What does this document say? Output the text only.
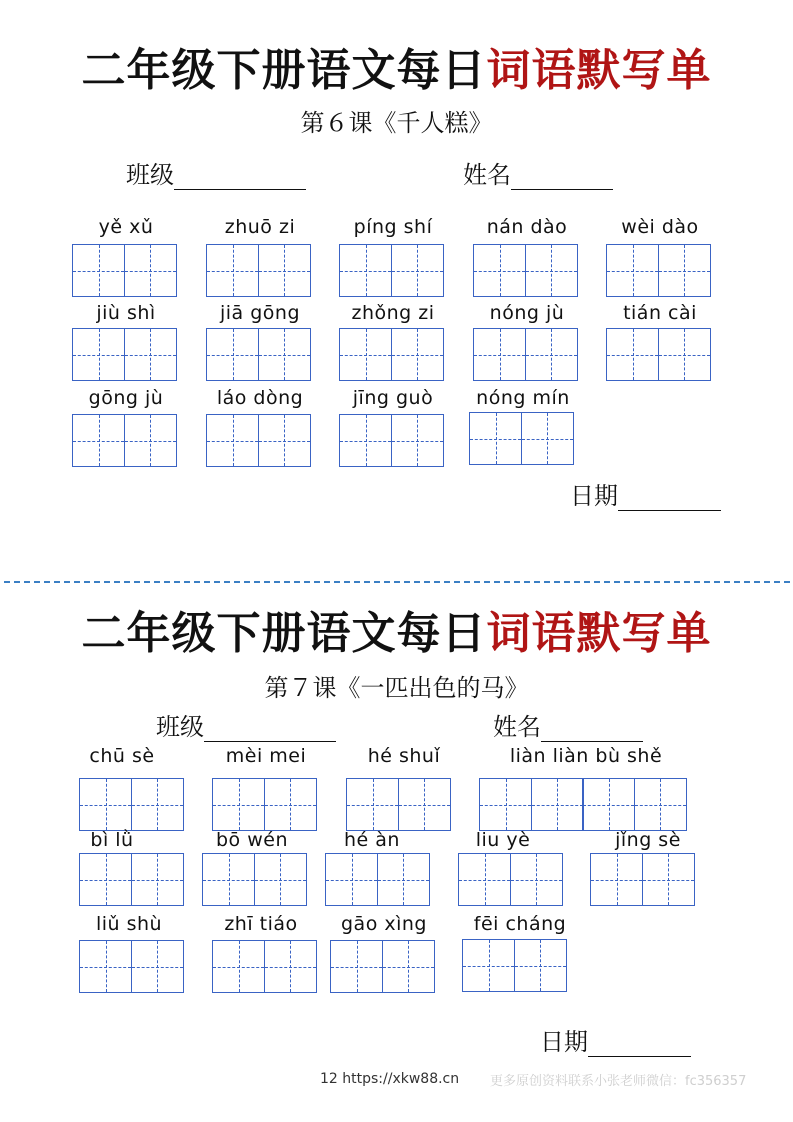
二年级下册语文每日词语默写单
第６课《千人糕》
班级	姓名
yě xǔ	zhuō zi	píng shí	nán dào	wèi dào
jiù shì	jiā gōng	zhǒng zi	nóng jù	tián cài
gōng jù	láo dòng	jīng guò	nóng mín
日期
二年级下册语文每日词语默写单
第７课《一匹出色的马》
班级	姓名
chū sè	mèi mei	hé shuǐ	liàn liàn bù shě
bì lǜ	bō wén	hé àn	liu yè	jǐng sè
liǔ shù	zhī tiáo	gāo xìng	fēi cháng
日期
12 https://xkw88.cn 更多原创资料联系小张老师微信：fc356357
